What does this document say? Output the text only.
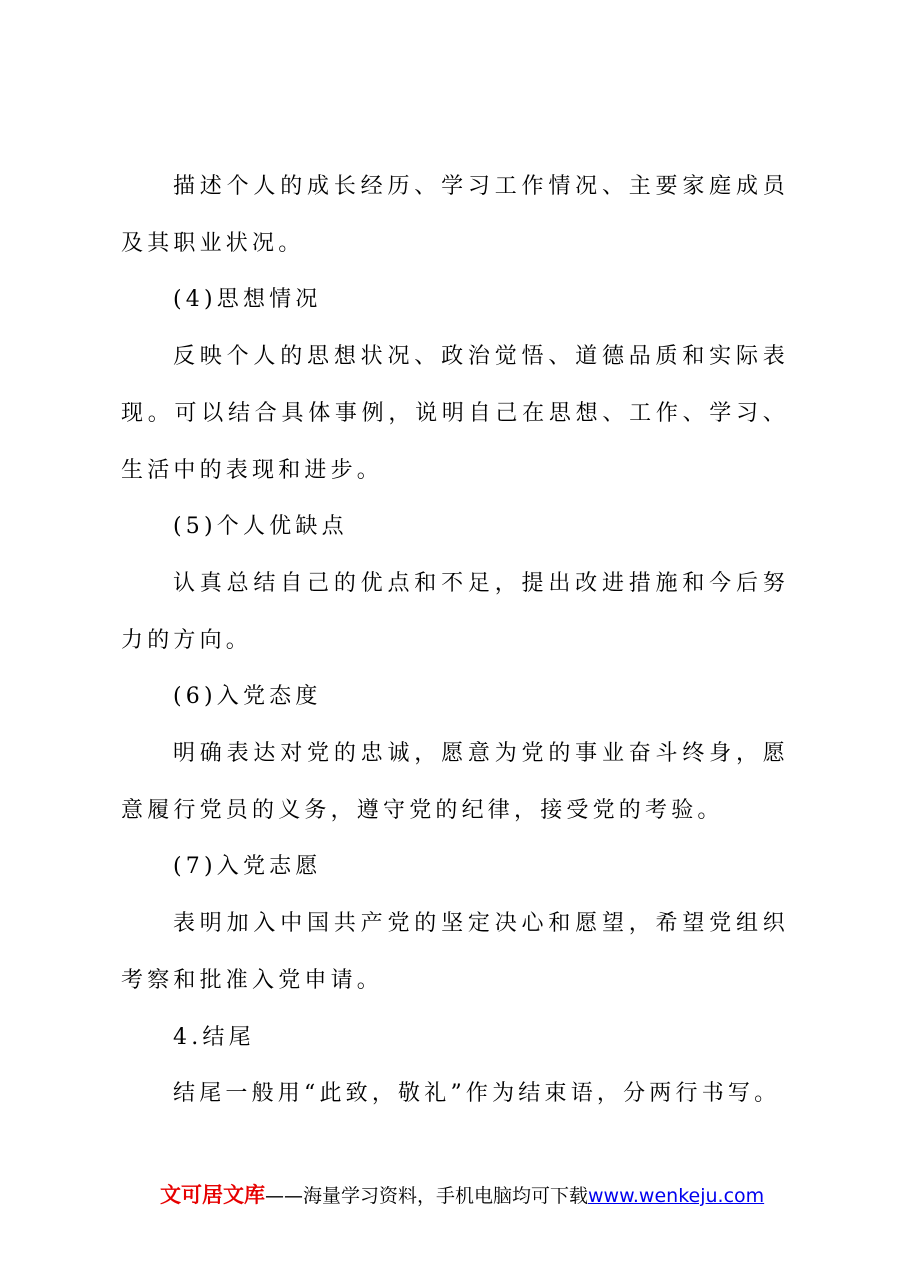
描述个人的成长经历、学习工作情况、主要家庭成员及其职业状况。

(4)思想情况

反映个人的思想状况、政治觉悟、道德品质和实际表现。可以结合具体事例，说明自己在思想、工作、学习、生活中的表现和进步。

(5)个人优缺点

认真总结自己的优点和不足，提出改进措施和今后努力的方向。

(6)入党态度

明确表达对党的忠诚，愿意为党的事业奋斗终身，愿意履行党员的义务，遵守党的纪律，接受党的考验。

(7)入党志愿

表明加入中国共产党的坚定决心和愿望，希望党组织考察和批准入党申请。

4.结尾

结尾一般用“此致，敬礼”作为结束语，分两行书写。

文可居文库——海量学习资料，手机电脑均可下载www.wenkeju.com
